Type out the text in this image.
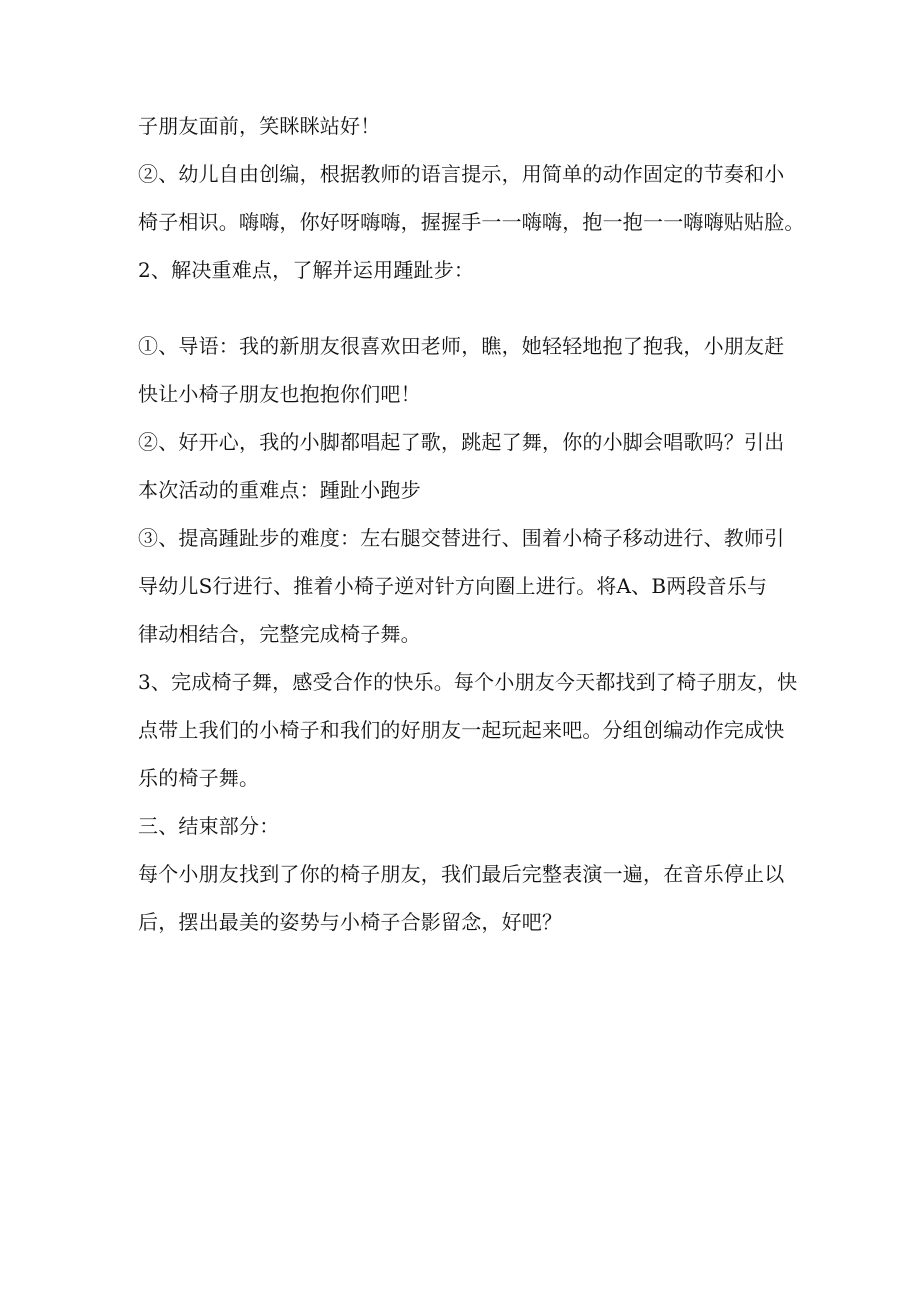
子朋友面前，笑眯眯站好！
②、幼儿自由创编，根据教师的语言提示，用简单的动作固定的节奏和小
椅子相识。嗨嗨，你好呀嗨嗨，握握手一一嗨嗨，抱一抱一一嗨嗨贴贴脸。
2、解决重难点，了解并运用踵趾步：
①、导语：我的新朋友很喜欢田老师，瞧，她轻轻地抱了抱我，小朋友赶
快让小椅子朋友也抱抱你们吧！
②、好开心，我的小脚都唱起了歌，跳起了舞，你的小脚会唱歌吗？引出
本次活动的重难点：踵趾小跑步
③、提高踵趾步的难度：左右腿交替进行、围着小椅子移动进行、教师引
导幼儿S行进行、推着小椅子逆对针方向圈上进行。将A、B两段音乐与
律动相结合，完整完成椅子舞。
3、完成椅子舞，感受合作的快乐。每个小朋友今天都找到了椅子朋友，快
点带上我们的小椅子和我们的好朋友一起玩起来吧。分组创编动作完成快
乐的椅子舞。
三、结束部分：
每个小朋友找到了你的椅子朋友，我们最后完整表演一遍，在音乐停止以
后，摆出最美的姿势与小椅子合影留念，好吧？
